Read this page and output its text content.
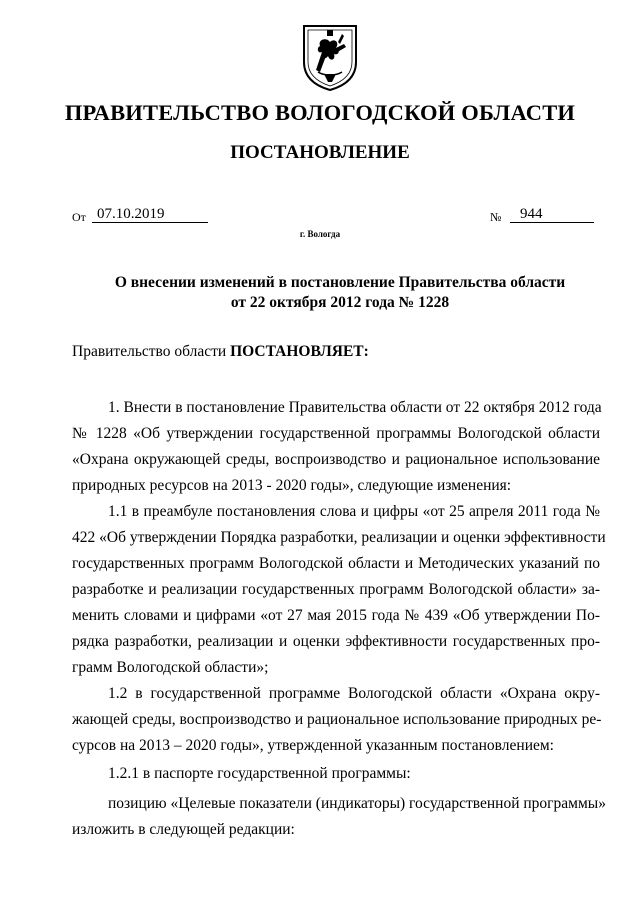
ПРАВИТЕЛЬСТВО ВОЛОГОДСКОЙ ОБЛАСТИ
ПОСТАНОВЛЕНИЕ
От 07.10.2019	№	944
г. Вологда
О внесении изменений в постановление Правительства области
от 22 октября 2012 года № 1228
Правительство области ПОСТАНОВЛЯЕТ:
1. Внести в постановление Правительства области от 22 октября 2012 года
№ 1228 «Об утверждении государственной программы Вологодской области
«Охрана окружающей среды, воспроизводство и рациональное использование
природных ресурсов на 2013 - 2020 годы», следующие изменения:
1.1 в преамбуле постановления слова и цифры «от 25 апреля 2011 года №
422 «Об утверждении Порядка разработки, реализации и оценки эффективности
государственных программ Вологодской области и Методических указаний по
разработке и реализации государственных программ Вологодской области» за-
менить словами и цифрами «от 27 мая 2015 года № 439 «Об утверждении По-
рядка разработки, реализации и оценки эффективности государственных про-
грамм Вологодской области»;
1.2 в государственной программе Вологодской области «Охрана окру-
жающей среды, воспроизводство и рациональное использование природных ре-
сурсов на 2013 – 2020 годы», утвержденной указанным постановлением:
1.2.1 в паспорте государственной программы:
позицию «Целевые показатели (индикаторы) государственной программы»
изложить в следующей редакции:
